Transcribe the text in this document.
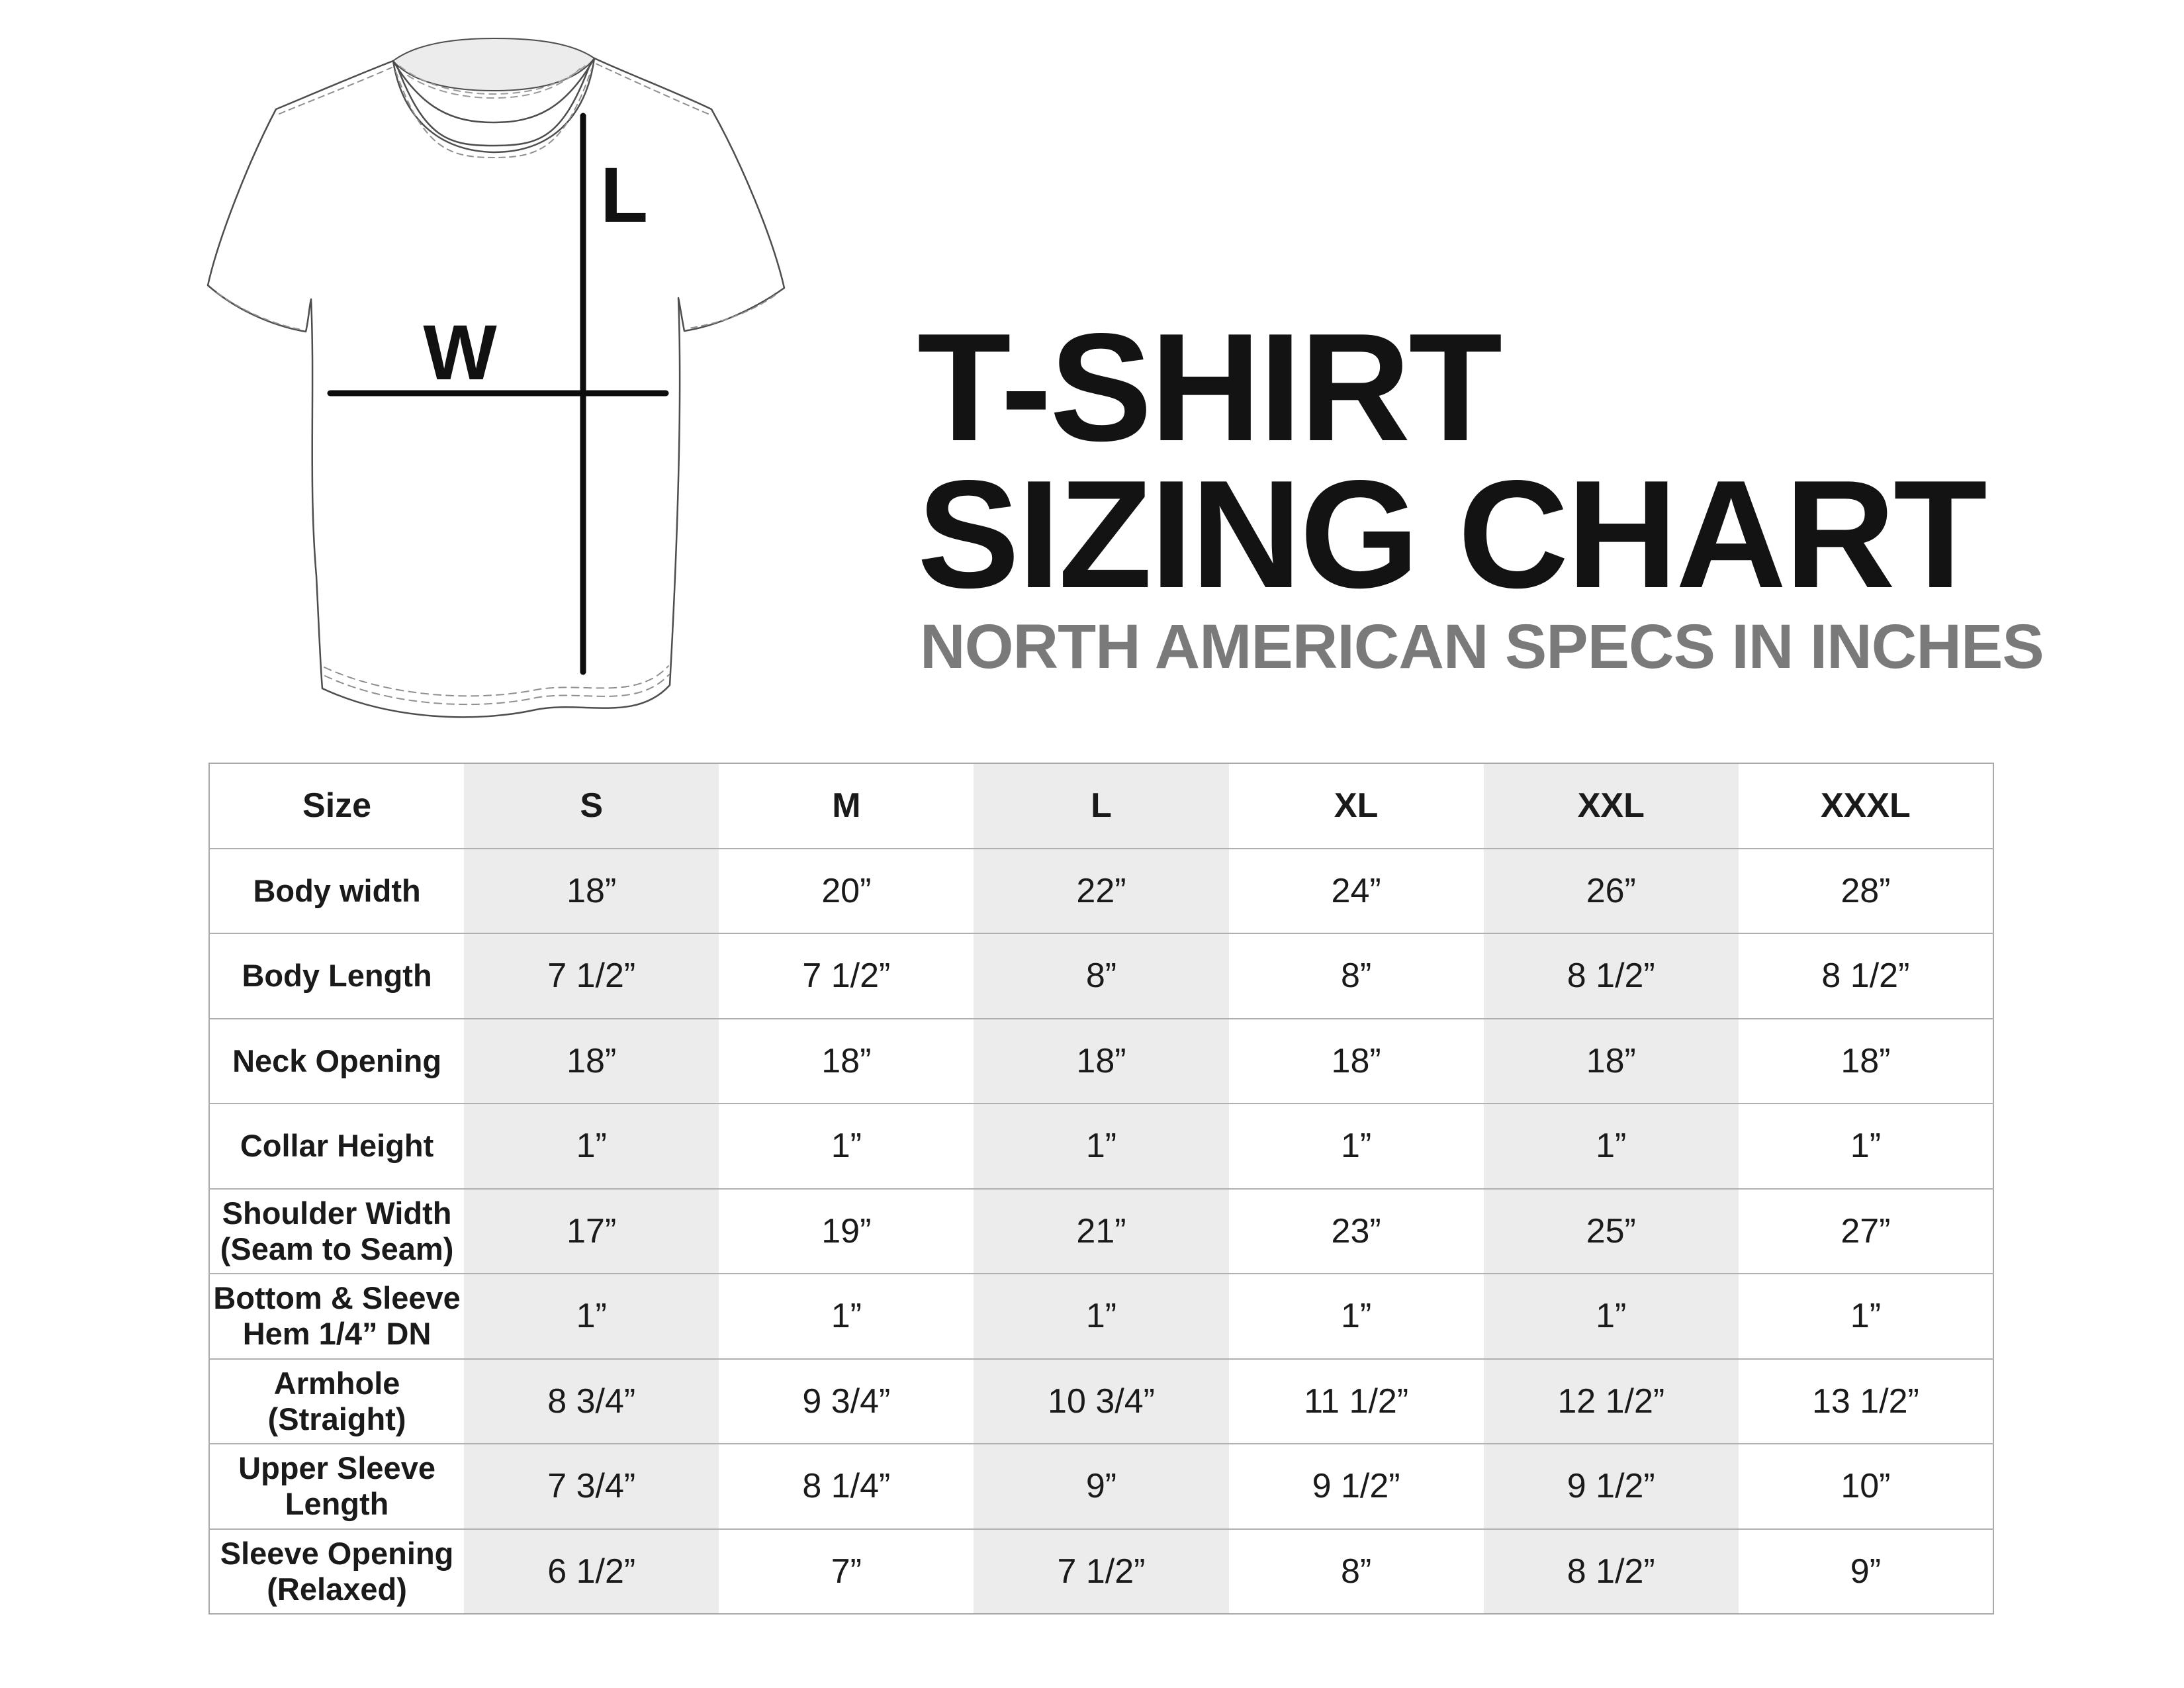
L
W	T-SHIRT
SIZING CHART
NORTH AMERICAN SPECS IN INCHES
Size	S	M	L	XL	XXL	XXXL

Body width	18”	20”	22”	24”	26”	28”

Body Length	7 1/2”	7 1/2”	8”	8”	8 1/2”	8 1/2”

Neck Opening	18”	18”	18”	18”	18”	18”

Collar Height	1”	1”	1”	1”	1”	1”

Shoulder Width
(Seam to Seam)	17”	19”	21”	23”	25”	27”

Bottom & Sleeve
Hem 1/4” DN	1”	1”	1”	1”	1”	1”

Armhole
(Straight)	8 3/4”	9 3/4”	10 3/4”	11 1/2”	12 1/2”	13 1/2”

Upper Sleeve
Length	7 3/4”	8 1/4”	9”	9 1/2”	9 1/2”	10”

Sleeve Opening
(Relaxed)	6 1/2”	7”	7 1/2”	8”	8 1/2”	9”
